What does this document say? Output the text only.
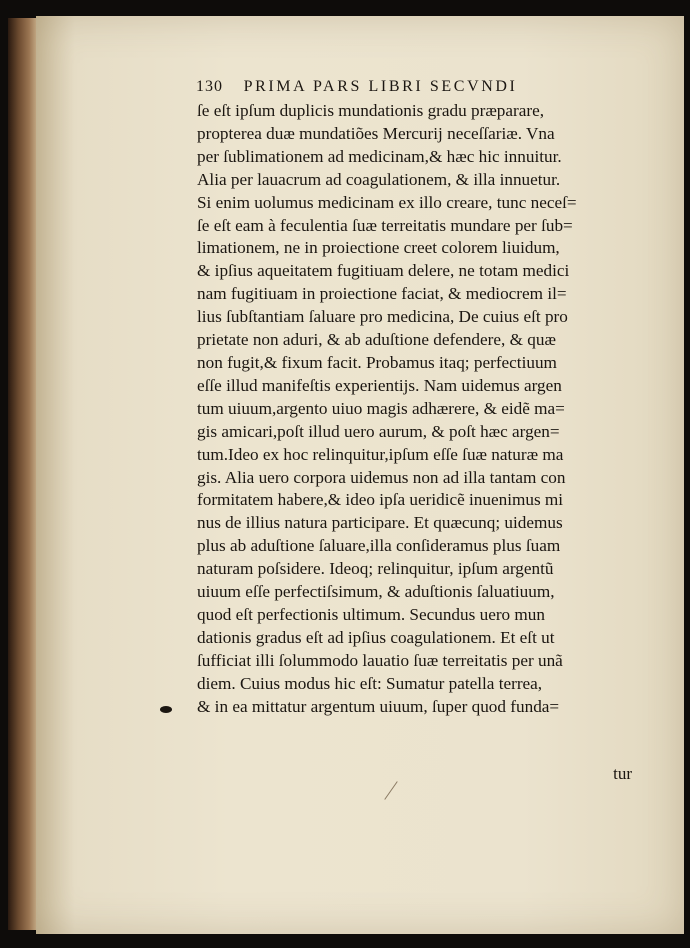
130 PRIMA PARS LIBRI SECVNDI
ſe eſt ipſum duplicis mundationis gradu præparare,
propterea duæ mundatiões Mercurij neceſſariæ. Vna
per ſublimationem ad medicinam,& hæc hic innuitur.
Alia per lauacrum ad coagulationem, & illa innuetur.
Si enim uolumus medicinam ex illo creare, tunc neceſ=
ſe eſt eam à feculentia ſuæ terreitatis mundare per ſub=
limationem, ne in proiectione creet colorem liuidum,
& ipſius aqueitatem fugitiuam delere, ne totam medici
nam fugitiuam in proiectione faciat, & mediocrem il=
lius ſubſtantiam ſaluare pro medicina, De cuius eſt pro
prietate non aduri, & ab aduſtione defendere, & quæ
non fugit,& fixum facit. Probamus itaq; perfectiuum
eſſe illud manifeſtis experientijs. Nam uidemus argen
tum uiuum,argento uiuo magis adhærere, & eidẽ ma=
gis amicari,poſt illud uero aurum, & poſt hæc argen=
tum.Ideo ex hoc relinquitur,ipſum eſſe ſuæ naturæ ma
gis. Alia uero corpora uidemus non ad illa tantam con
formitatem habere,& ideo ipſa ueridicẽ inuenimus mi
nus de illius natura participare. Et quæcunq; uidemus
plus ab aduſtione ſaluare,illa conſideramus plus ſuam
naturam poſsidere. Ideoq; relinquitur, ipſum argentũ
uiuum eſſe perfectiſsimum, & aduſtionis ſaluatiuum,
quod eſt perfectionis ultimum. Secundus uero mun
dationis gradus eſt ad ipſius coagulationem. Et eſt ut
ſufficiat illi ſolummodo lauatio ſuæ terreitatis per unã
diem. Cuius modus hic eſt: Sumatur patella terrea,
& in ea mittatur argentum uiuum, ſuper quod funda=
tur
